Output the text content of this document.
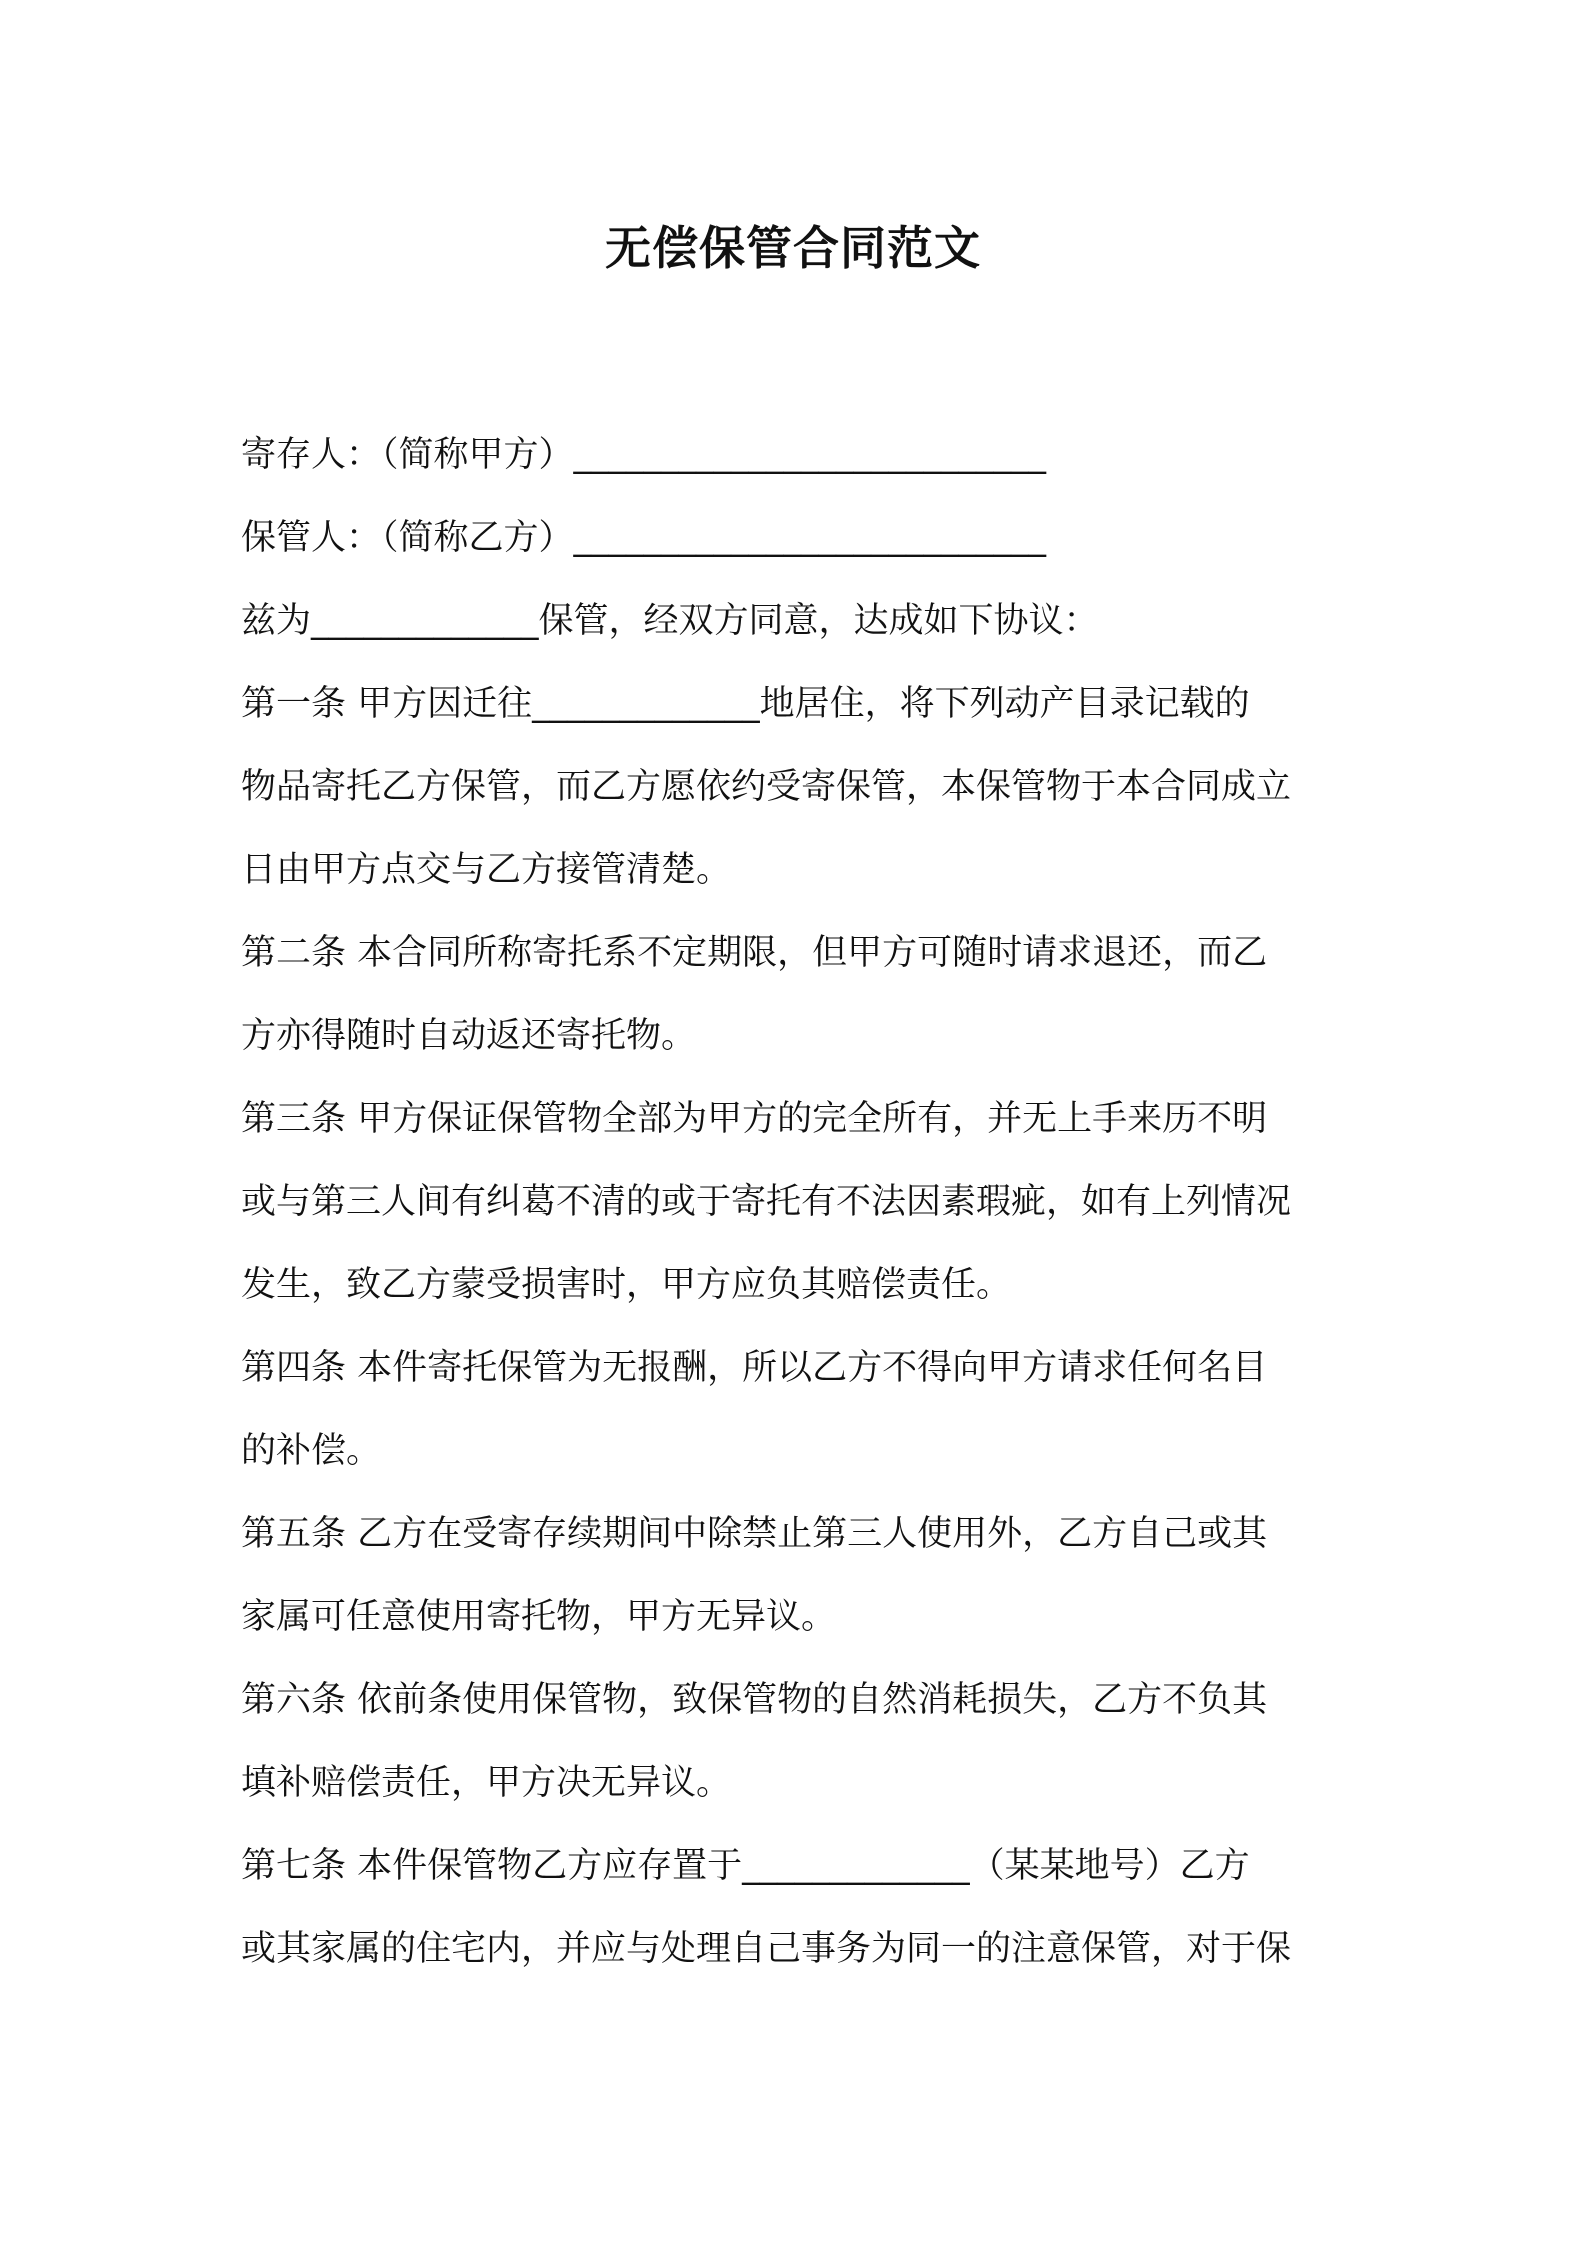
无偿保管合同范文
寄存人：（简称甲方）___________________________
保管人：（简称乙方）___________________________
兹为_____________保管，经双方同意，达成如下协议：
第一条 甲方因迁往_____________地居住，将下列动产目录记载的
物品寄托乙方保管，而乙方愿依约受寄保管，本保管物于本合同成立
日由甲方点交与乙方接管清楚。
第二条 本合同所称寄托系不定期限，但甲方可随时请求退还，而乙
方亦得随时自动返还寄托物。
第三条 甲方保证保管物全部为甲方的完全所有，并无上手来历不明
或与第三人间有纠葛不清的或于寄托有不法因素瑕疵，如有上列情况
发生，致乙方蒙受损害时，甲方应负其赔偿责任。
第四条 本件寄托保管为无报酬，所以乙方不得向甲方请求任何名目
的补偿。
第五条 乙方在受寄存续期间中除禁止第三人使用外，乙方自己或其
家属可任意使用寄托物，甲方无异议。
第六条 依前条使用保管物，致保管物的自然消耗损失，乙方不负其
填补赔偿责任，甲方决无异议。
第七条 本件保管物乙方应存置于_____________（某某地号）乙方
或其家属的住宅内，并应与处理自己事务为同一的注意保管，对于保
